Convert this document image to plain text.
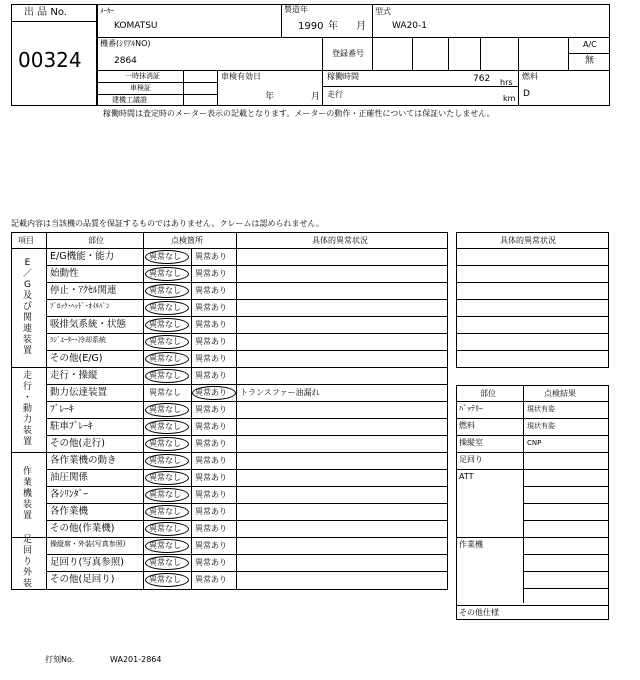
出 品 No.
00324
ﾒｰｶｰ
KOMATSU
製造年
1990 年 月
型式
WA20-1
機番(ｼﾘｱﾙNO)
2864
登録番号
A/C
無
一時抹消証
車検証
建機工議證
車検有効日
年	月
稼働時間	762 hrs
走行	km
燃料
D
稼働時間は査定時のメーター表示の記載となります。メーターの動作・正確性については保証いたしません。
記載内容は当該機の品質を保証するものではありません。クレームは認められません。
項目	部位	点検箇所	具体的異常状況
E
／
G
及
び
関
連
装
置
E/G機能・能力	異常なし 異常あり
始動性	異常なし 異常あり
停止・ｱｸｾﾙ関連	異常なし 異常あり
ﾌﾞﾛｯｸ･ﾍｯﾄﾞ･ｵｲﾙﾊﾟﾝ	異常なし 異常あり
吸排気系統・状態	異常なし 異常あり
ﾗｼﾞｴｰﾀｰ･冷却系統	異常なし 異常あり
その他(E/G)	異常なし 異常あり
走
行
・
動
力
装
置
走行・操縦	異常なし 異常あり
動力伝達装置	異常なし 異常あり トランスファー油漏れ
ﾌﾞﾚｰｷ	異常なし 異常あり
駐車ﾌﾞﾚｰｷ	異常なし 異常あり
その他(走行)	異常なし 異常あり
作
業
機
装
置
各作業機の動き	異常なし 異常あり
油圧関係	異常なし 異常あり
各ｼﾘﾝﾀﾞｰ	異常なし 異常あり
各作業機	異常なし 異常あり
その他(作業機)	異常なし 異常あり
足
回
り
外
装
操縦席・外装(写真参照)	異常なし 異常あり
足回り(写真参照)	異常なし 異常あり
その他(足回り)	異常なし 異常あり
具体的異常状況
部位	点検結果
ﾊﾞｯﾃﾘｰ	現状有姿
燃料	現状有姿
操縦室	CNP
足回り
ATT
作業機
その他仕様
打刻No.	WA201-2864
